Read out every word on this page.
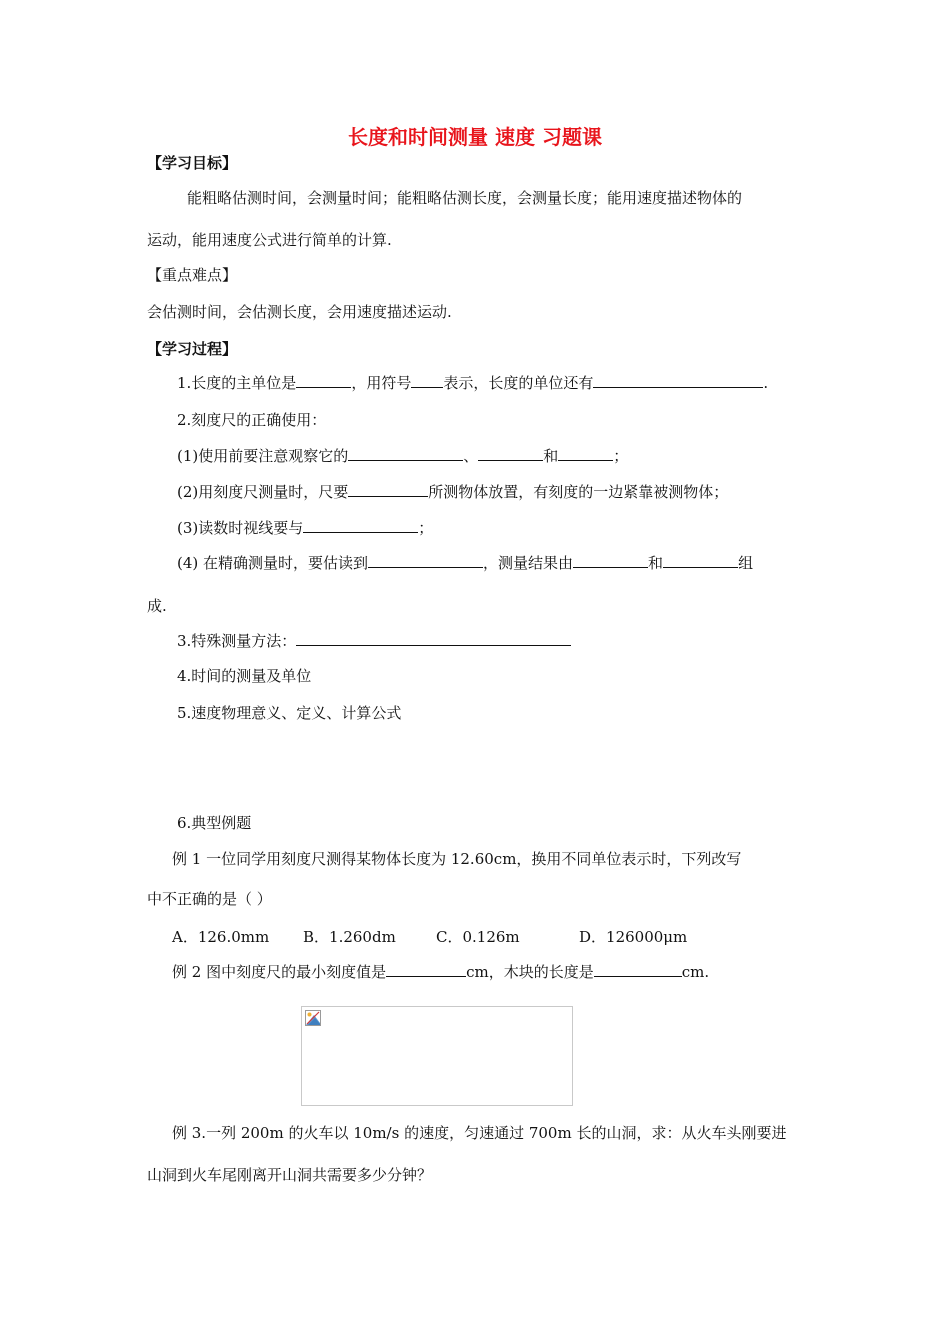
长度和时间测量 速度 习题课
【学习目标】
能粗略估测时间，会测量时间；能粗略估测长度，会测量长度；能用速度描述物体的
运动，能用速度公式进行简单的计算.
【重点难点】
会估测时间，会估测长度，会用速度描述运动.
【学习过程】
1.长度的主单位是	，用符号 表示，长度的单位还有	.
2.刻度尺的正确使用：
(1)使用前要注意观察它的	、	和	；
(2)用刻度尺测量时，尺要	所测物体放置，有刻度的一边紧靠被测物体；
(3)读数时视线要与	；
(4) 在精确测量时，要估读到	，测量结果由	和	组
成.
3.特殊测量方法：
4.时间的测量及单位
5.速度物理意义、定义、计算公式
6.典型例题
例 1 一位同学用刻度尺测得某物体长度为 12.60cm，换用不同单位表示时，下列改写
中不正确的是（ ）
A．126.0mm B．1.260dm	C．0.126m	D．126000μm
例 2 图中刻度尺的最小刻度值是	cm，木块的长度是	cm.
例 3.一列 200m 的火车以 10m/s 的速度，匀速通过 700m 长的山洞，求：从火车头刚要进
山洞到火车尾刚离开山洞共需要多少分钟？
